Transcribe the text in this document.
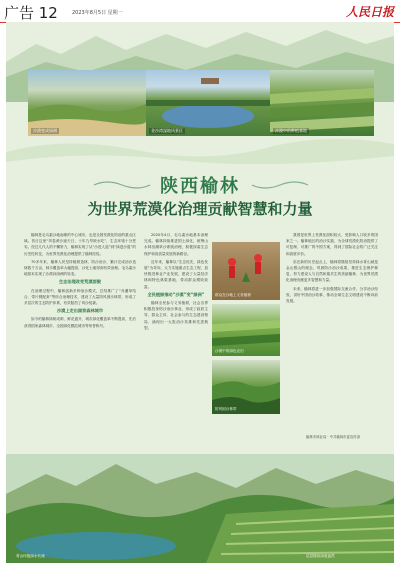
广告 12	2023年8月5日 星期一	人民日报
沙漠变成绿洲	金沙湾湿地风景区	沙漠中的种植基地
陕西榆林
为世界荒漠化治理贡献智慧和力量

榆林是毛乌素沙地南缘的中心城市，也是全国荒漠化防治的重点区域。昔日这里“风卷黄沙遮天日，十年九旱缺水吃”，生态环境十分恶劣。经过几代人的不懈努力，榆林实现了从“沙进人退”到“绿进沙退”的历史性转变，为世界荒漠化治理提供了榆林经验。

70多年来，榆林人民坚持植树造林、防沙治沙，累计完成治沙造林数千万亩，林木覆盖率大幅提高，沙化土地得到有效治理。毛乌素沙地基本实现了沙漠向绿洲的转变。

生态治理改变荒漠面貌

在治理过程中，榆林创新多种治沙模式，总结推广了“乔灌草结合、带片网配套”等综合治理技术，建设了大量防风固沙林带，形成了多层次的生态防护体系，有效阻挡了风沙侵袭。

沙漠上走出国家森林城市

如今的榆林绿树成荫、鲜花盛开，城市绿化覆盖率不断提高，先后获得国家森林城市、全国绿化模范城市等荣誉称号。

2020年4月，毛乌素沙地基本治理完成。榆林持续推进国土绿化，统筹山水林田湖草沙系统治理，积极探索生态保护和高质量发展的新路径。

近年来，榆林以“生态优先、绿色发展”为导向，大力实施重点生态工程，加快推进林业产业发展，建设了大量经济林和特色林果基地，带动群众增收致富。

全民植绿推动“沙漠”变“绿洲”

榆林全民参与义务植树，社会各界积极投身防沙治沙事业，形成了政府主导、群众主体、社会参与的生态建设格局，涌现出一大批治沙英雄和先进典型。

群众在沙地上义务植树
沙漠中的绿色农田
防风固沙林带

我国是世界上荒漠化面积较大、受影响人口较多的国家之一。榆林地区的治沙实践，为全球荒漠化防治提供了可复制、可推广的中国方案，得到了国际社会的广泛关注和高度评价。

站在新的历史起点上，榆林将继续坚持绿水青山就是金山银山的理念，巩固防沙治沙成果，推进生态保护修复，努力建设人与自然和谐共生的美丽榆林，为世界荒漠化治理贡献更多智慧和力量。

未来，榆林将进一步加强国际交流合作，分享治沙经验，讲好中国治沙故事，推动全球生态文明建设不断向前发展。

榆林市林业局 · 中共榆林市委宣传部
青山环抱绿水长流	层层梯田绿意盎然
